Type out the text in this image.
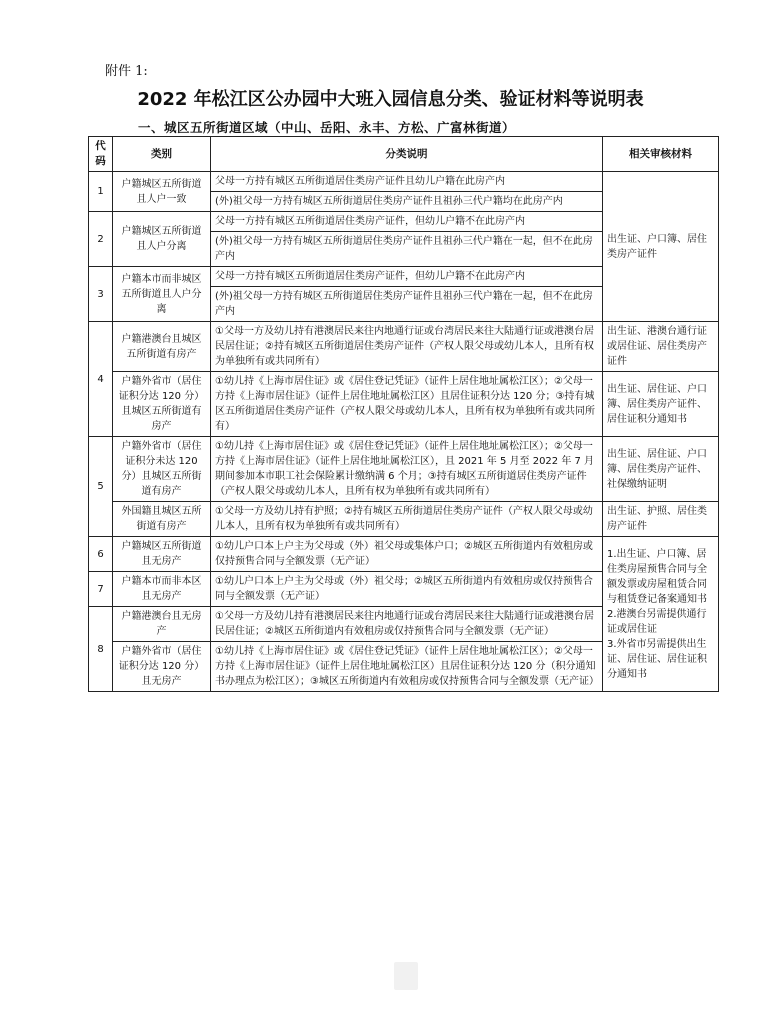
附件 1:
2022 年松江区公办园中大班入园信息分类、验证材料等说明表
一、城区五所街道区域（中山、岳阳、永丰、方松、广富林街道）
代码	类别	分类说明	相关审核材料
1	户籍城区五所街道且人户一致	父母一方持有城区五所街道居住类房产证件且幼儿户籍在此房产内	出生证、户口簿、居住类房产证件
		(外)祖父母一方持有城区五所街道居住类房产证件且祖孙三代户籍均在此房产内	
2	户籍城区五所街道且人户分离	父母一方持有城区五所街道居住类房产证件，但幼儿户籍不在此房产内	
		(外)祖父母一方持有城区五所街道居住类房产证件且祖孙三代户籍在一起，但不在此房产内	
3	户籍本市而非城区五所街道且人户分离	父母一方持有城区五所街道居住类房产证件，但幼儿户籍不在此房产内	
		(外)祖父母一方持有城区五所街道居住类房产证件且祖孙三代户籍在一起，但不在此房产内	
4	户籍港澳台且城区五所街道有房产	①父母一方及幼儿持有港澳居民来往内地通行证或台湾居民来往大陆通行证或港澳台居民居住证；②持有城区五所街道居住类房产证件（产权人限父母或幼儿本人，且所有权为单独所有或共同所有）	出生证、港澳台通行证或居住证、居住类房产证件
	户籍外省市（居住证积分达 120 分）且城区五所街道有房产	①幼儿持《上海市居住证》或《居住登记凭证》（证件上居住地址属松江区）；②父母一方持《上海市居住证》（证件上居住地址属松江区）且居住证积分达 120 分；③持有城区五所街道居住类房产证件（产权人限父母或幼儿本人，且所有权为单独所有或共同所有）	出生证、居住证、户口簿、居住类房产证件、居住证积分通知书
5	户籍外省市（居住证积分未达 120 分）且城区五所街道有房产	①幼儿持《上海市居住证》或《居住登记凭证》（证件上居住地址属松江区）；②父母一方持《上海市居住证》（证件上居住地址属松江区），且 2021 年 5 月至 2022 年 7 月期间参加本市职工社会保险累计缴纳满 6 个月；③持有城区五所街道居住类房产证件（产权人限父母或幼儿本人，且所有权为单独所有或共同所有）	出生证、居住证、户口簿、居住类房产证件、社保缴纳证明
	外国籍且城区五所街道有房产	①父母一方及幼儿持有护照；②持有城区五所街道居住类房产证件（产权人限父母或幼儿本人，且所有权为单独所有或共同所有）	出生证、护照、居住类房产证件
6	户籍城区五所街道且无房产	①幼儿户口本上户主为父母或（外）祖父母或集体户口；②城区五所街道内有效租房或仅持预售合同与全额发票（无产证）	1.出生证、户口簿、居住类房屋预售合同与全额发票或房屋租赁合同与租赁登记备案通知书
2.港澳台另需提供通行证或居住证
3.外省市另需提供出生证、居住证、居住证积分通知书
7	户籍本市而非本区且无房产	①幼儿户口本上户主为父母或（外）祖父母；②城区五所街道内有效租房或仅持预售合同与全额发票（无产证）	
8	户籍港澳台且无房产	①父母一方及幼儿持有港澳居民来往内地通行证或台湾居民来往大陆通行证或港澳台居民居住证；②城区五所街道内有效租房或仅持预售合同与全额发票（无产证）	
	户籍外省市（居住证积分达 120 分）且无房产	①幼儿持《上海市居住证》或《居住登记凭证》（证件上居住地址属松江区）；②父母一方持《上海市居住证》（证件上居住地址属松江区）且居住证积分达 120 分（积分通知书办理点为松江区）；③城区五所街道内有效租房或仅持预售合同与全额发票（无产证）	
